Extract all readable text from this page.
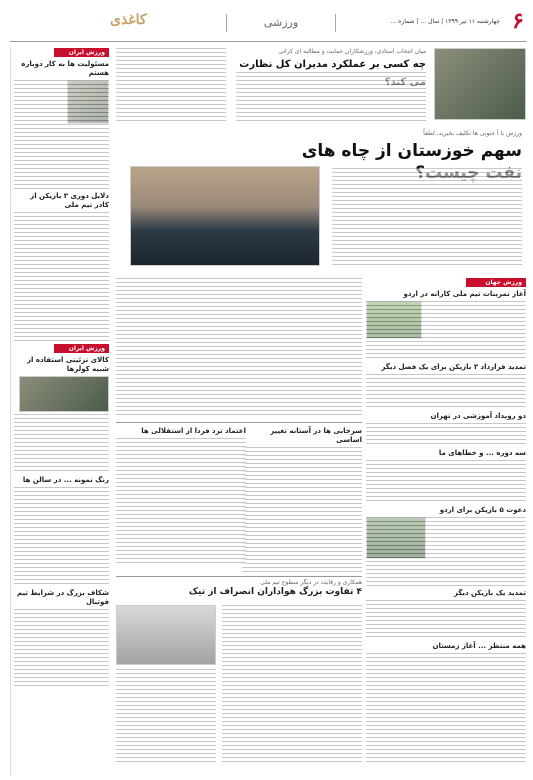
۶
چهارشنبه ۱۱ تیر ۱۳۹۹ | سال ... | شماره ...
ورزشی
کاغذی
میان انتخاب استادی، ورزشکاران حمایت و مطالبه ای کرانی
چه کسی بر عملکرد مدیران کل نظارت
ورزش با آ جنوبی ها تکلیف بخیرید، لطفاً
سهم خوزستان از چاه های
ورزش ایران
مسئولیت ها به کار دوباره هستم
دلایل دوری ۳ بازیکن از کادر تیم ملی
ورزش ایران
کالای تزئینی استفاده از شبیه کولرها
رنگ نمونه ... در سالن ها
شکاف بزرگ در شرایط تیم فوتبال
ورزش جهان
آغاز تمرینات تیم ملی کاراته در اردو
تمدید قرارداد ۳ بازیکن برای یک فصل دیگر
دو رویداد آموزشی در تهران
سه دوره ... و خطاهای ما
دعوت ۵ بازیکن برای اردو
تمدید یک بازیکن دیگر
همه منتظر ... آغاز زمستان
سرخابی ها در آستانه تغییر اساسی
اعتماد ترد فردا از استقلالی ها
همکاری و رقابت در دیگر سطوح تیم ملی
۴ تفاوت بزرگ هواداران انصراف از تیک
